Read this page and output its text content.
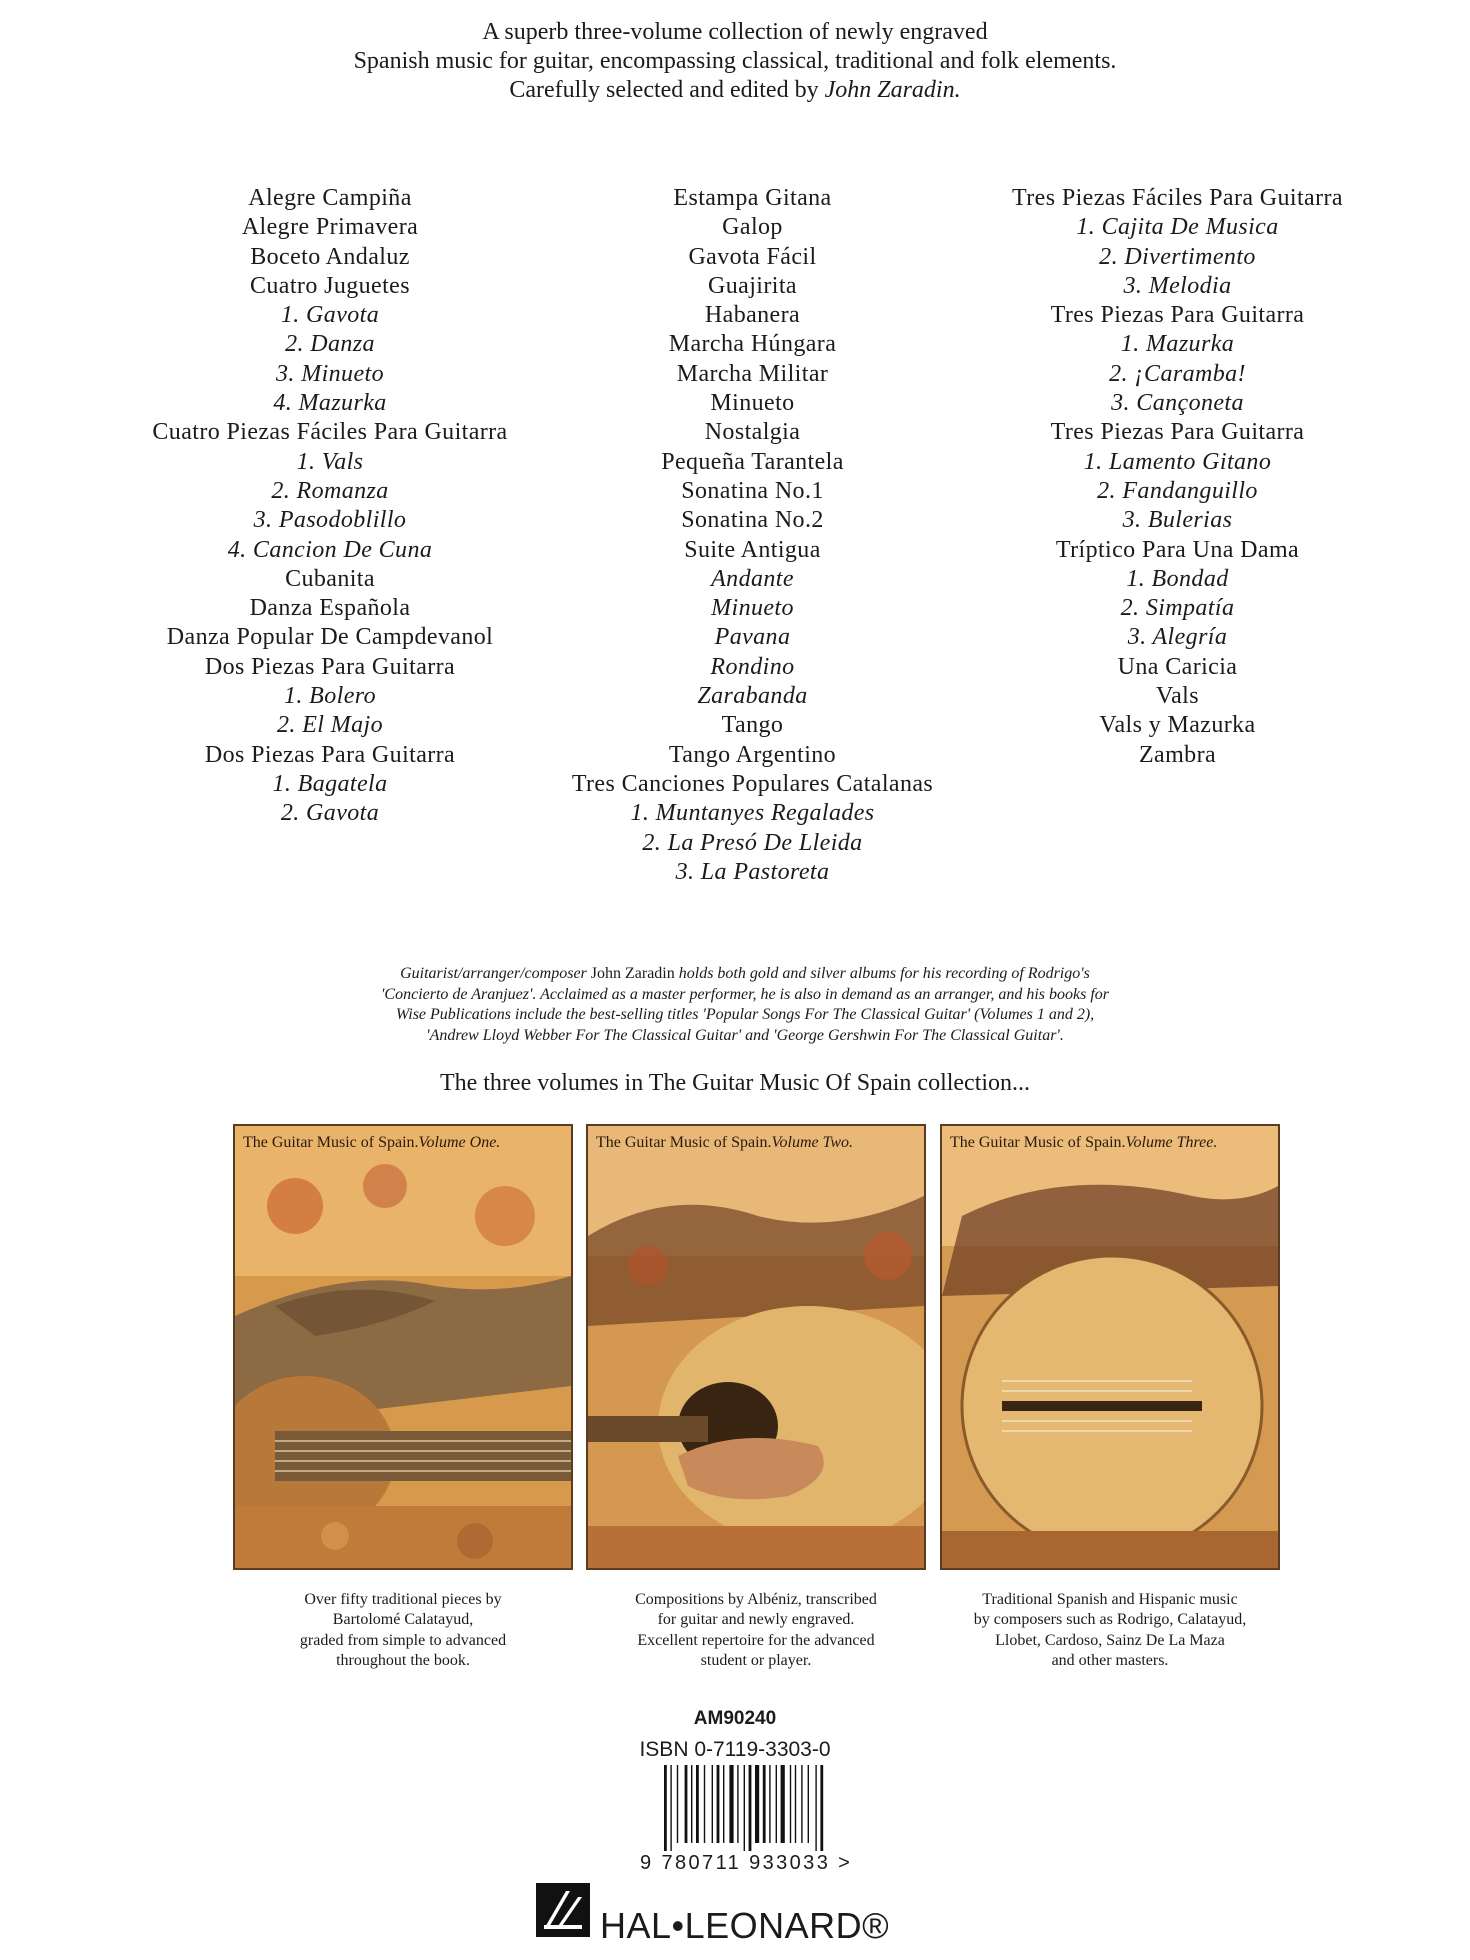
A superb three-volume collection of newly engraved
Spanish music for guitar, encompassing classical, traditional and folk elements.
Carefully selected and edited by John Zaradin.
Alegre Campiña
Alegre Primavera
Boceto Andaluz
Cuatro Juguetes
1. Gavota
2. Danza
3. Minueto
4. Mazurka
Cuatro Piezas Fáciles Para Guitarra
1. Vals
2. Romanza
3. Pasodoblillo
4. Cancion De Cuna
Cubanita
Danza Española
Danza Popular De Campdevanol
Dos Piezas Para Guitarra
1. Bolero
2. El Majo
Dos Piezas Para Guitarra
1. Bagatela
2. Gavota
Estampa Gitana
Galop
Gavota Fácil
Guajirita
Habanera
Marcha Húngara
Marcha Militar
Minueto
Nostalgia
Pequeña Tarantela
Sonatina No.1
Sonatina No.2
Suite Antigua
Andante
Minueto
Pavana
Rondino
Zarabanda
Tango
Tango Argentino
Tres Canciones Populares Catalanas
1. Muntanyes Regalades
2. La Presó De Lleida
3. La Pastoreta
Tres Piezas Fáciles Para Guitarra
1. Cajita De Musica
2. Divertimento
3. Melodia
Tres Piezas Para Guitarra
1. Mazurka
2. ¡Caramba!
3. Cançoneta
Tres Piezas Para Guitarra
1. Lamento Gitano
2. Fandanguillo
3. Bulerias
Tríptico Para Una Dama
1. Bondad
2. Simpatía
3. Alegría
Una Caricia
Vals
Vals y Mazurka
Zambra
Guitarist/arranger/composer John Zaradin holds both gold and silver albums for his recording of Rodrigo's
'Concierto de Aranjuez'. Acclaimed as a master performer, he is also in demand as an arranger, and his books for
Wise Publications include the best-selling titles 'Popular Songs For The Classical Guitar' (Volumes 1 and 2),
'Andrew Lloyd Webber For The Classical Guitar' and 'George Gershwin For The Classical Guitar'.
The three volumes in The Guitar Music Of Spain collection...
The Guitar Music of Spain.Volume One.	The Guitar Music of Spain.Volume Two.	The Guitar Music of Spain.Volume Three.
Over fifty traditional pieces by
Bartolomé Calatayud,
graded from simple to advanced
throughout the book.
Compositions by Albéniz, transcribed
for guitar and newly engraved.
Excellent repertoire for the advanced
student or player.
Traditional Spanish and Hispanic music
by composers such as Rodrigo, Calatayud,
Llobet, Cardoso, Sainz De La Maza
and other masters.
AM90240
ISBN 0-7119-3303-0
9 780711 933033 >
HAL•LEONARD®
